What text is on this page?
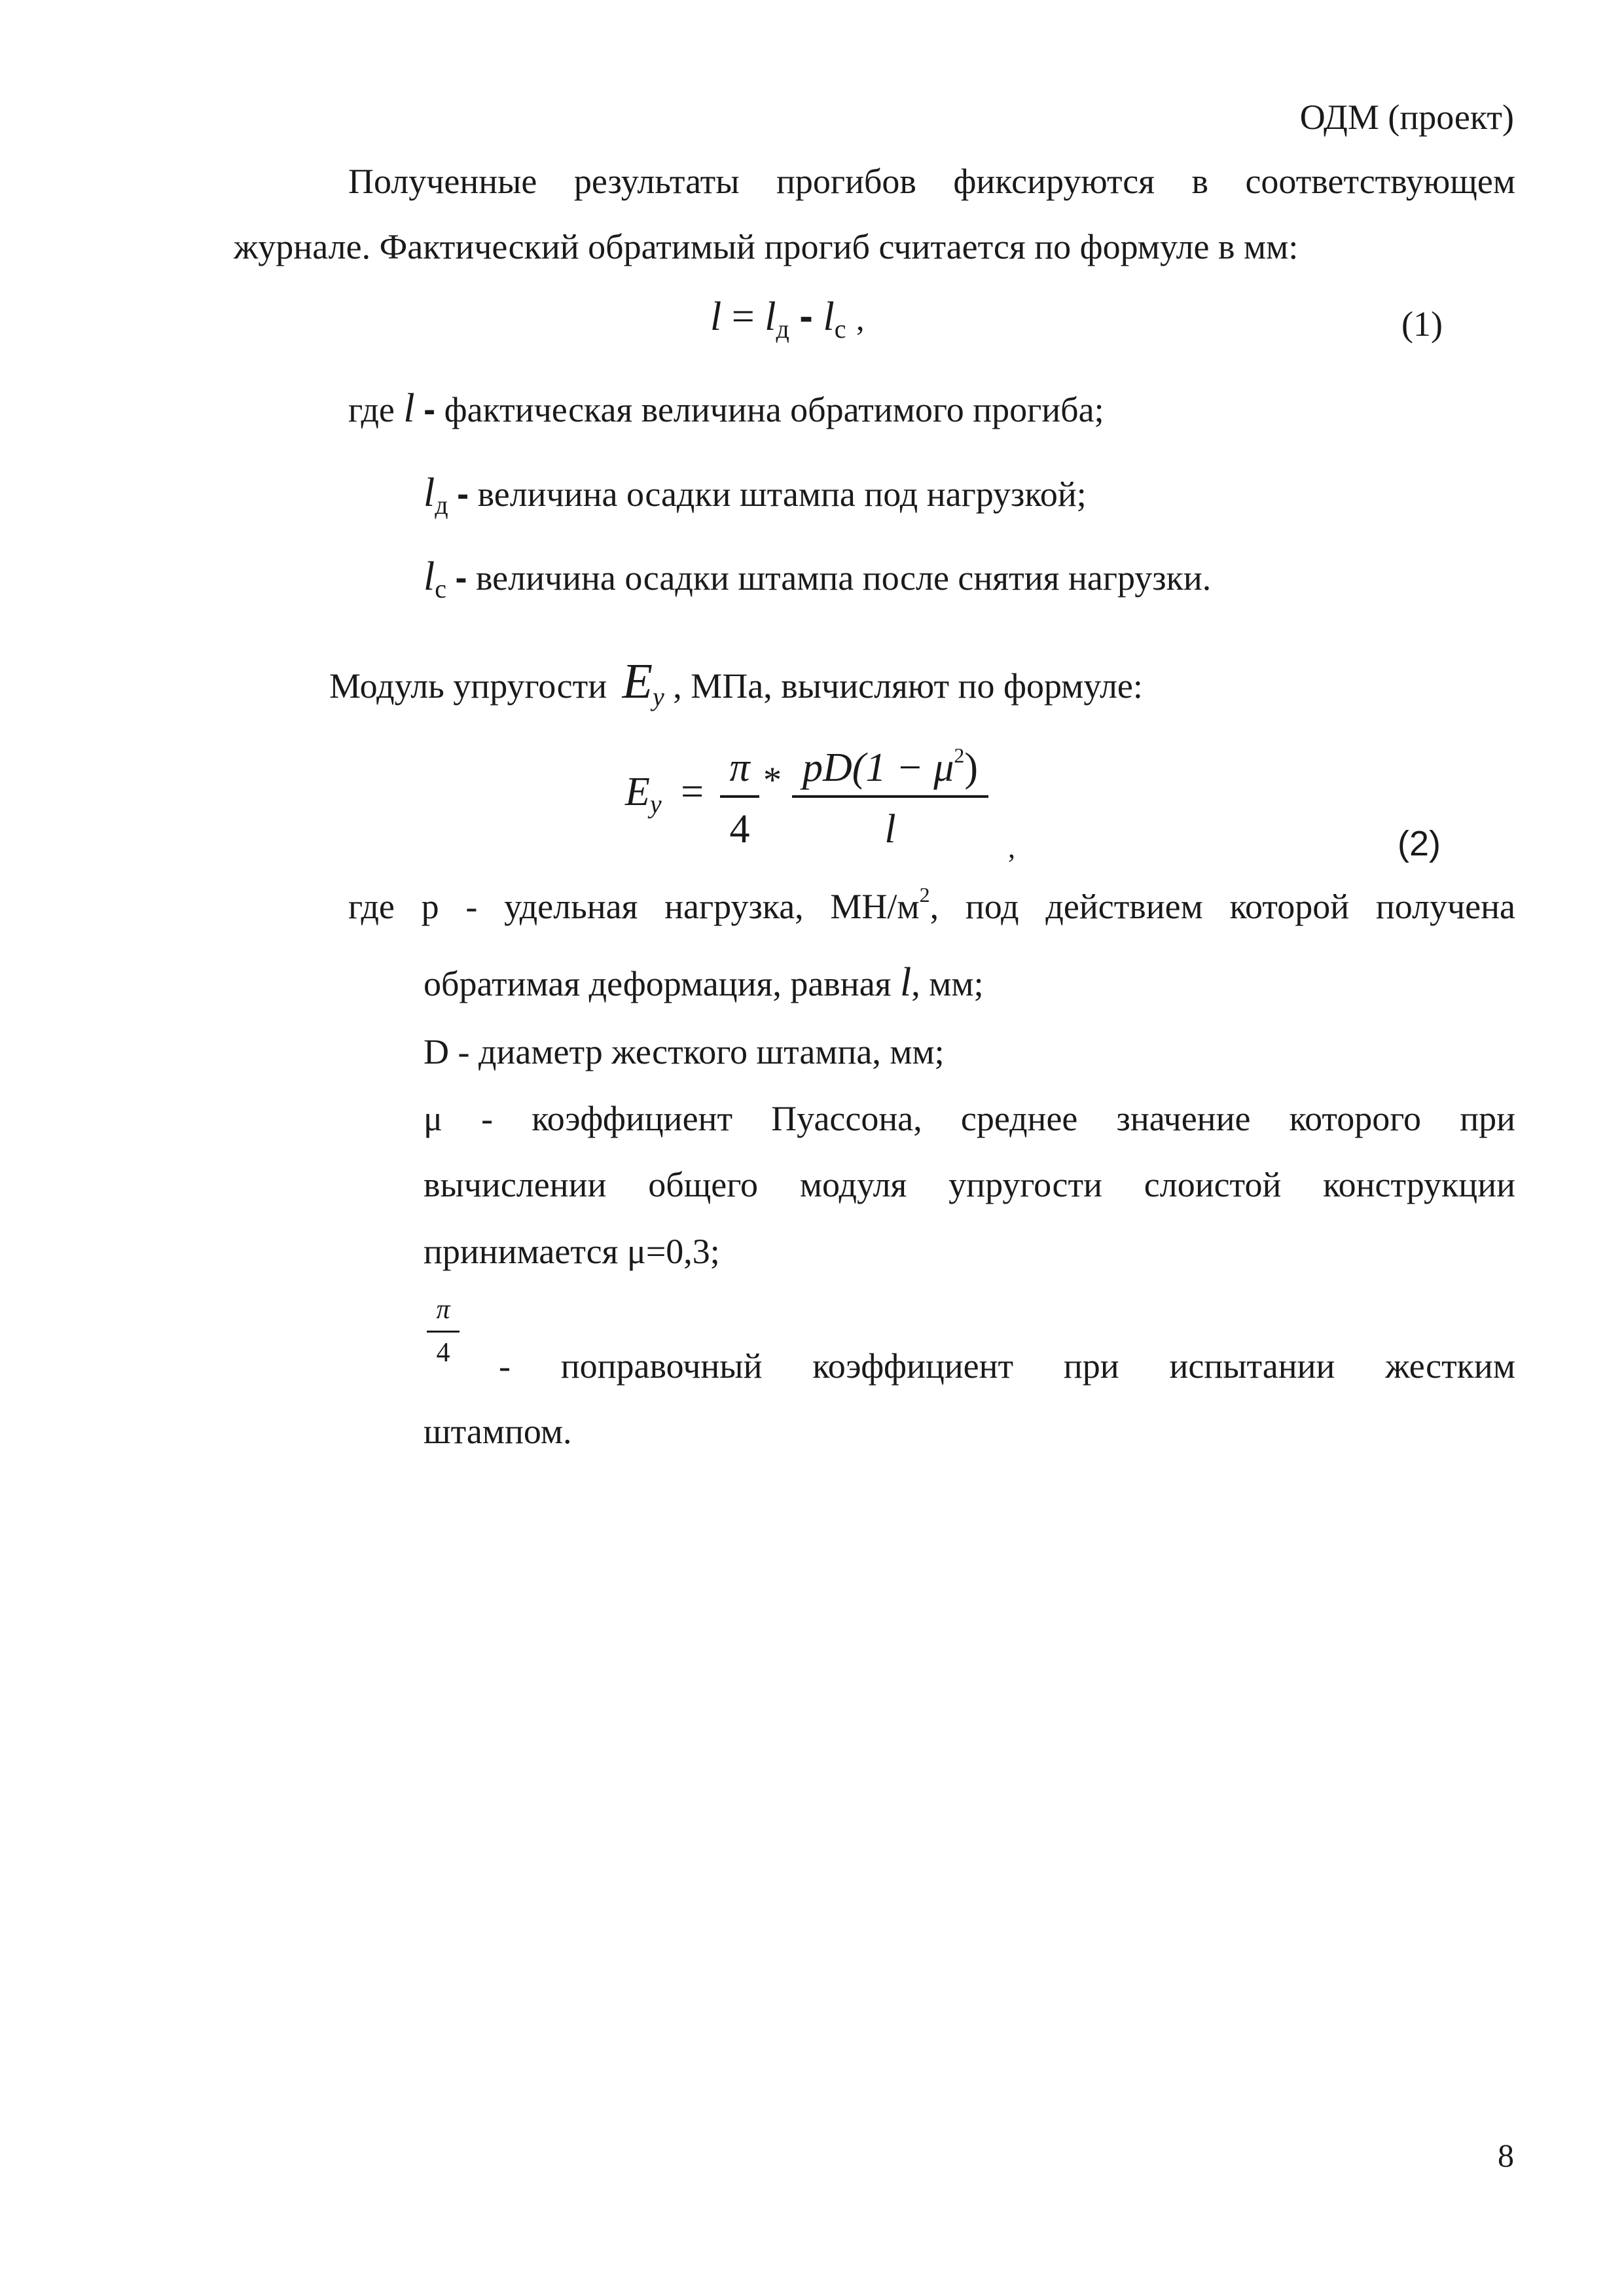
ОДМ (проект)
Полученные результаты прогибов фиксируются в соответствующем
журнале. Фактический обратимый прогиб считается по формуле в мм:
l = lд - lс ,	(1)
где l - фактическая величина обратимого прогиба;
$l_д$ - величина осадки штампа под нагрузкой;
$l_с$ - величина осадки штампа после снятия нагрузки.
Модуль упругости $E_y$ , МПа, вычисляют по формуле:
Ey =
π
4
* $pD(1 - \mu^2)$
l	,	(2)
где р - удельная нагрузка, $МН/м^2$, под действием которой получена
обратимая деформация, равная l, мм;
D - диаметр жесткого штампа, мм;
μ - коэффициент Пуассона, среднее значение которого при
вычислении общего модуля упругости слоистой конструкции
принимается μ=0,3;
π
4 - поправочный коэффициент при испытании жестким
штампом.
8
